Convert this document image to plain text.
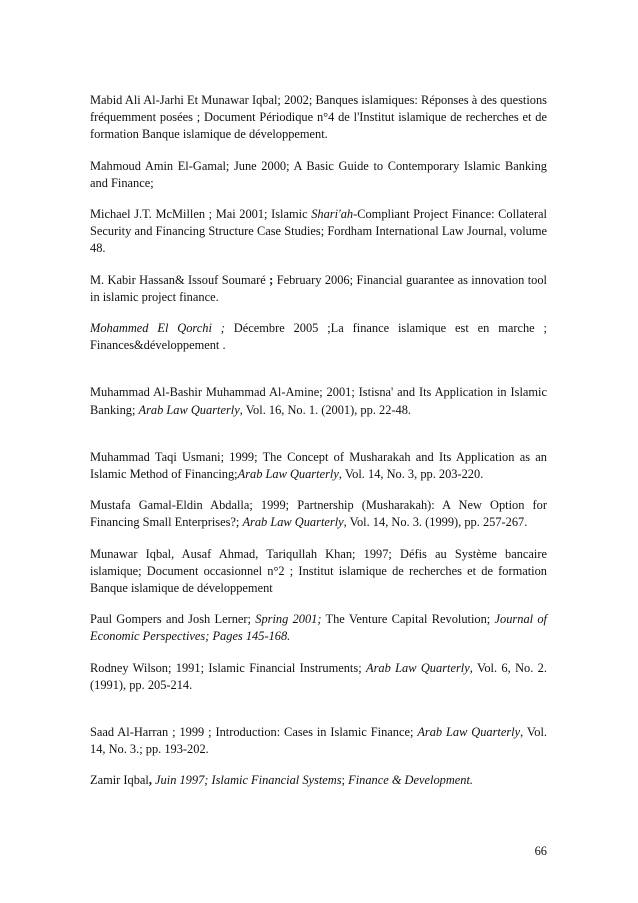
Mabid Ali Al-Jarhi Et Munawar Iqbal; 2002; Banques islamiques: Réponses à des questions fréquemment posées ; Document Périodique n°4 de l'Institut islamique de recherches et de formation Banque islamique de développement.

Mahmoud Amin El-Gamal; June 2000; A Basic Guide to Contemporary Islamic Banking and Finance;

Michael J.T. McMillen ; Mai 2001; Islamic Shari'ah-Compliant Project Finance: Collateral Security and Financing Structure Case Studies; Fordham International Law Journal, volume 48.

M. Kabir Hassan& Issouf Soumaré ; February 2006; Financial guarantee as innovation tool in islamic project finance.

Mohammed El Qorchi ; Décembre 2005 ;La finance islamique est en marche ; Finances&développement .

Muhammad Al-Bashir Muhammad Al-Amine; 2001; Istisna' and Its Application in Islamic Banking; Arab Law Quarterly, Vol. 16, No. 1. (2001), pp. 22-48.

Muhammad Taqi Usmani; 1999; The Concept of Musharakah and Its Application as an Islamic Method of Financing;Arab Law Quarterly, Vol. 14, No. 3, pp. 203-220.

Mustafa Gamal-Eldin Abdalla; 1999; Partnership (Musharakah): A New Option for Financing Small Enterprises?; Arab Law Quarterly, Vol. 14, No. 3. (1999), pp. 257-267.

Munawar Iqbal, Ausaf Ahmad, Tariqullah Khan; 1997; Défis au Système bancaire islamique; Document occasionnel n°2 ; Institut islamique de recherches et de formation Banque islamique de développement

Paul Gompers and Josh Lerner; Spring 2001; The Venture Capital Revolution; Journal of Economic Perspectives; Pages 145-168.

Rodney Wilson; 1991; Islamic Financial Instruments; Arab Law Quarterly, Vol. 6, No. 2. (1991), pp. 205-214.

Saad Al-Harran ; 1999 ; Introduction: Cases in Islamic Finance; Arab Law Quarterly, Vol. 14, No. 3.; pp. 193-202.

Zamir Iqbal, Juin 1997; Islamic Financial Systems; Finance & Development.

66
